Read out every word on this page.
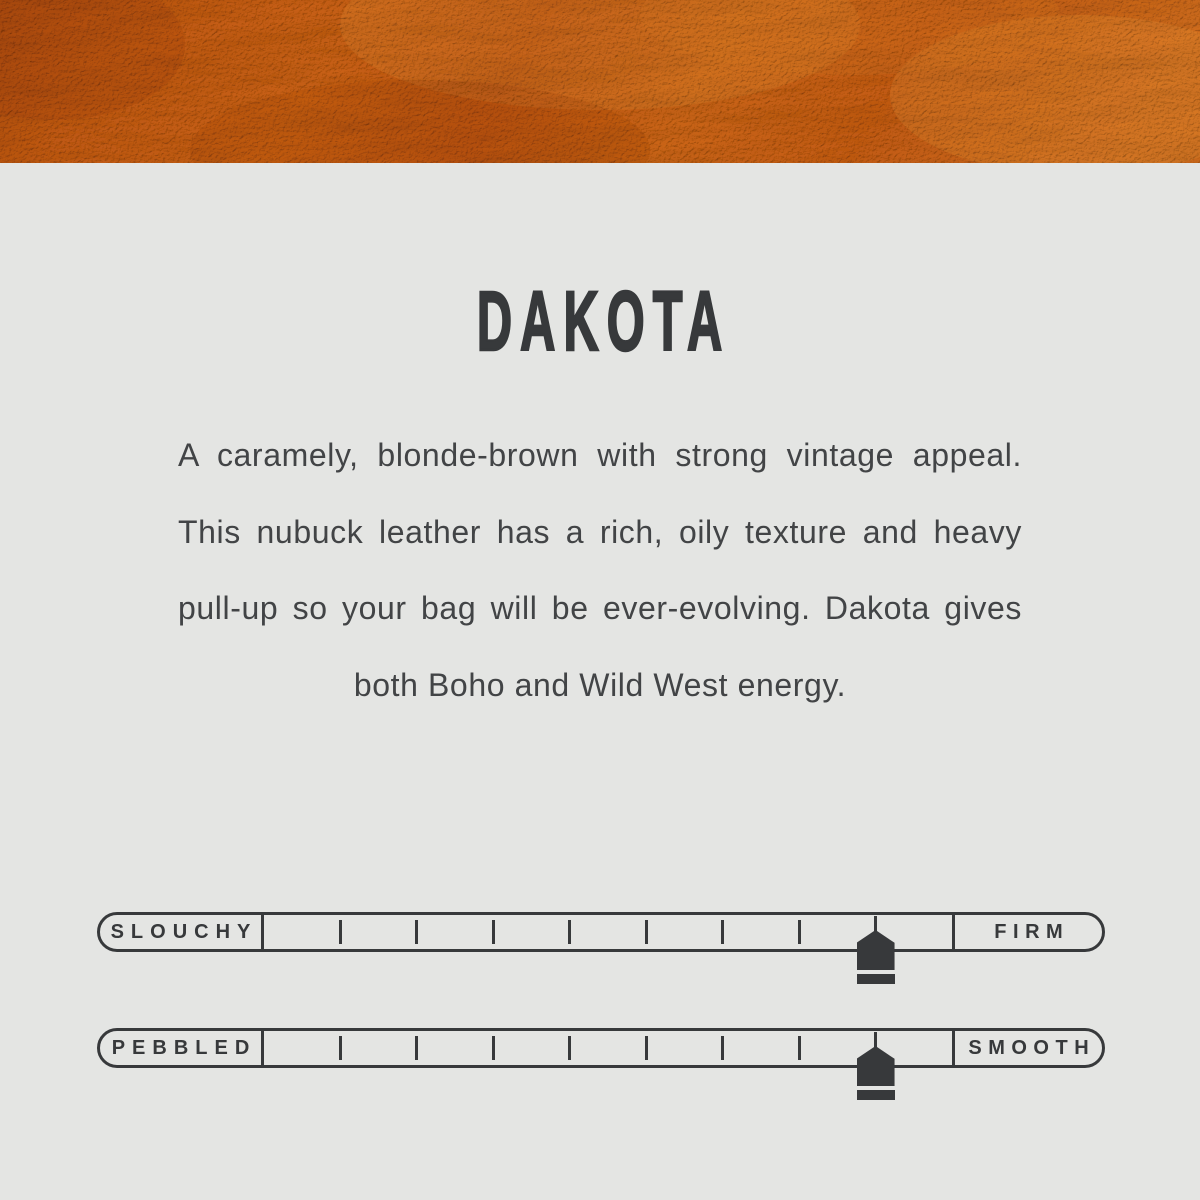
DAKOTA
A caramely, blonde-brown with strong vintage appeal.
This nubuck leather has a rich, oily texture and heavy
pull-up so your bag will be ever-evolving. Dakota gives
both Boho and Wild West energy.
SLOUCHY	FIRM
PEBBLED	SMOOTH
